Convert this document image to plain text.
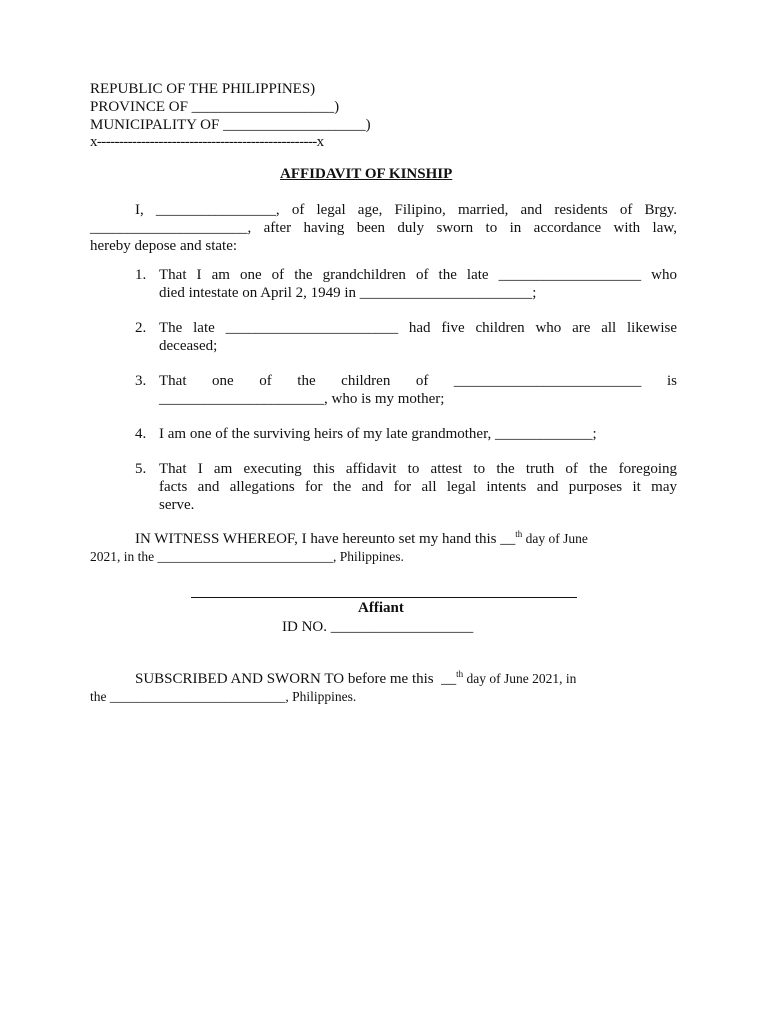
REPUBLIC OF THE PHILIPPINES)
PROVINCE OF ___________________)
MUNICIPALITY OF ___________________)
x--------------------------------------------------x
AFFIDAVIT OF KINSHIP
I, ________________, of legal age, Filipino, married, and residents of Brgy.
_____________________, after having been duly sworn to in accordance with law,
hereby depose and state:
1. That I am one of the grandchildren of the late ___________________ who
died intestate on April 2, 1949 in _______________________;
2. The late _______________________ had five children who are all likewise
deceased;
3. That one of the children of _________________________ is
______________________, who is my mother;
4. I am one of the surviving heirs of my late grandmother, _____________;
5. That I am executing this affidavit to attest to the truth of the foregoing
facts and allegations for the and for all legal intents and purposes it may
serve.
IN WITNESS WHEREOF, I have hereunto set my hand this __$^{th}$ day of June
2021, in the __________________________, Philippines.
Affiant
ID NO. ___________________
SUBSCRIBED AND SWORN TO before me this  __$^{th}$ day of June 2021, in
the __________________________, Philippines.
